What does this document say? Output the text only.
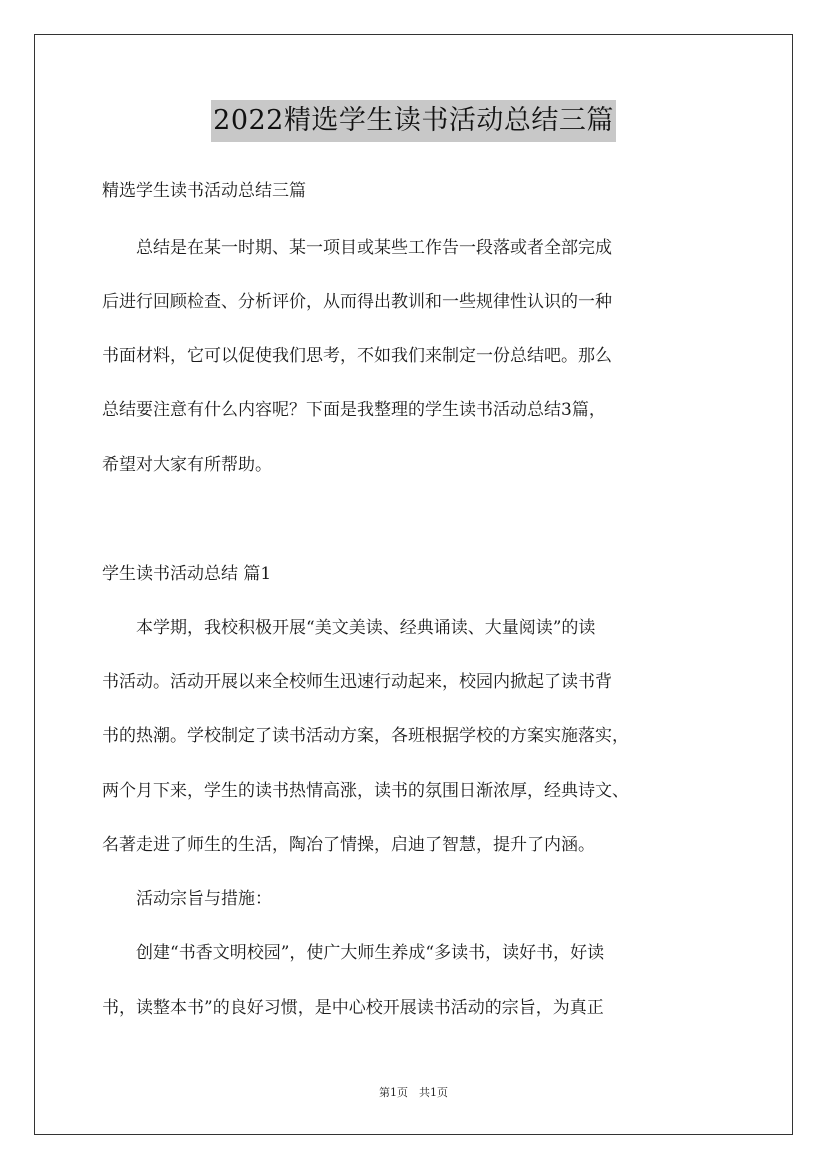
2022精选学生读书活动总结三篇
精选学生读书活动总结三篇
　　总结是在某一时期、某一项目或某些工作告一段落或者全部完成
后进行回顾检查、分析评价，从而得出教训和一些规律性认识的一种
书面材料，它可以促使我们思考，不如我们来制定一份总结吧。那么
总结要注意有什么内容呢？下面是我整理的学生读书活动总结3篇，
希望对大家有所帮助。
学生读书活动总结 篇1
　　本学期，我校积极开展“美文美读、经典诵读、大量阅读”的读
书活动。活动开展以来全校师生迅速行动起来，校园内掀起了读书背
书的热潮。学校制定了读书活动方案，各班根据学校的方案实施落实，
两个月下来，学生的读书热情高涨，读书的氛围日渐浓厚，经典诗文、
名著走进了师生的生活，陶冶了情操，启迪了智慧，提升了内涵。
　　活动宗旨与措施：
　　创建“书香文明校园”，使广大师生养成“多读书，读好书，好读
书，读整本书”的良好习惯，是中心校开展读书活动的宗旨，为真正
第1页　共1页
